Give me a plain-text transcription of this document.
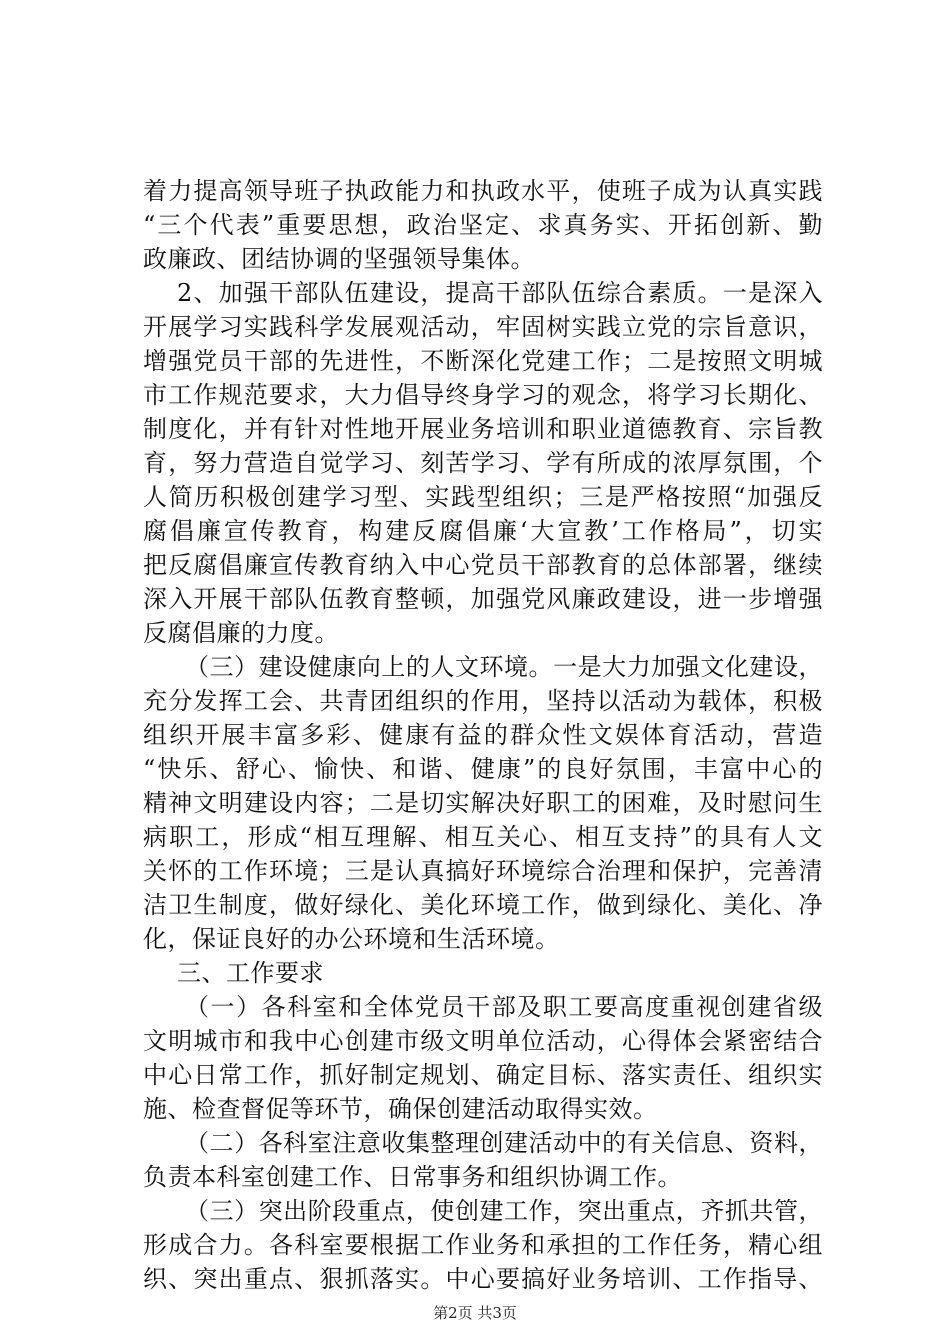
着力提高领导班子执政能力和执政水平，使班子成为认真实践
“三个代表”重要思想，政治坚定、求真务实、开拓创新、勤
政廉政、团结协调的坚强领导集体。
2、加强干部队伍建设，提高干部队伍综合素质。一是深入
开展学习实践科学发展观活动，牢固树实践立党的宗旨意识，
增强党员干部的先进性，不断深化党建工作；二是按照文明城
市工作规范要求，大力倡导终身学习的观念，将学习长期化、
制度化，并有针对性地开展业务培训和职业道德教育、宗旨教
育，努力营造自觉学习、刻苦学习、学有所成的浓厚氛围，个
人简历积极创建学习型、实践型组织；三是严格按照“加强反
腐倡廉宣传教育，构建反腐倡廉‘大宣教’工作格局”，切实
把反腐倡廉宣传教育纳入中心党员干部教育的总体部署，继续
深入开展干部队伍教育整顿，加强党风廉政建设，进一步增强
反腐倡廉的力度。
（三）建设健康向上的人文环境。一是大力加强文化建设，
充分发挥工会、共青团组织的作用，坚持以活动为载体，积极
组织开展丰富多彩、健康有益的群众性文娱体育活动，营造
“快乐、舒心、愉快、和谐、健康”的良好氛围，丰富中心的
精神文明建设内容；二是切实解决好职工的困难，及时慰问生
病职工，形成“相互理解、相互关心、相互支持”的具有人文
关怀的工作环境；三是认真搞好环境综合治理和保护，完善清
洁卫生制度，做好绿化、美化环境工作，做到绿化、美化、净
化，保证良好的办公环境和生活环境。
三、工作要求
（一）各科室和全体党员干部及职工要高度重视创建省级
文明城市和我中心创建市级文明单位活动，心得体会紧密结合
中心日常工作，抓好制定规划、确定目标、落实责任、组织实
施、检查督促等环节，确保创建活动取得实效。
（二）各科室注意收集整理创建活动中的有关信息、资料，
负责本科室创建工作、日常事务和组织协调工作。
（三）突出阶段重点，使创建工作，突出重点，齐抓共管，
形成合力。各科室要根据工作业务和承担的工作任务，精心组
织、突出重点、狠抓落实。中心要搞好业务培训、工作指导、
第2页 共3页
